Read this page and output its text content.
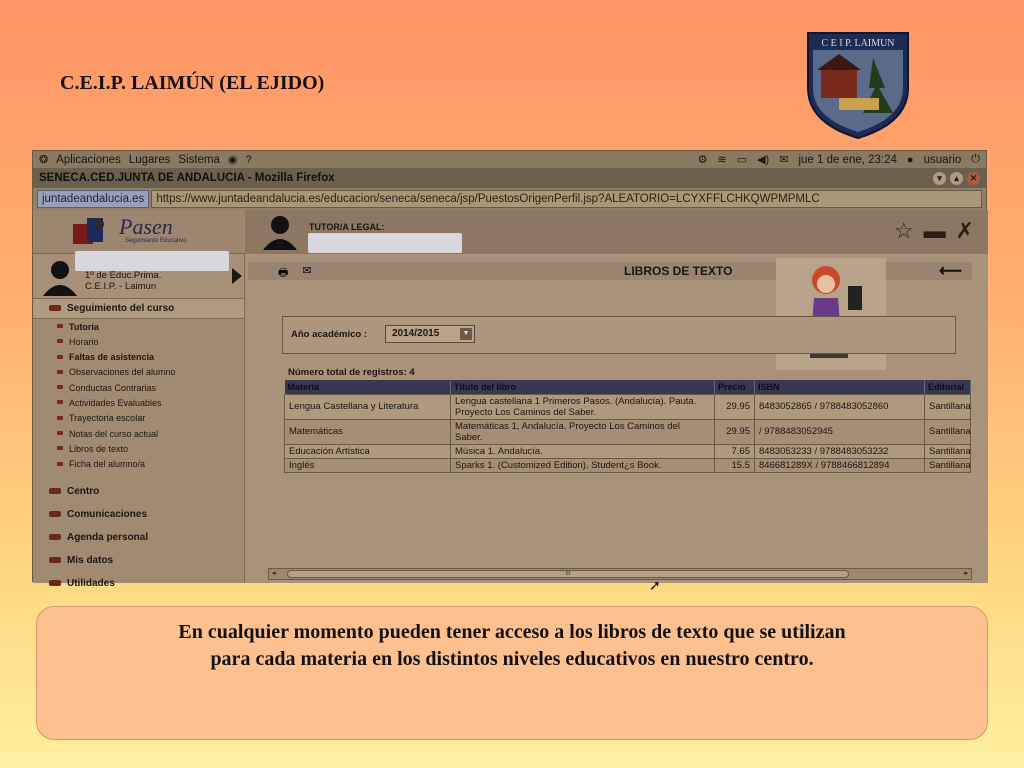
C.E.I.P. LAIMÚN (EL EJIDO)
C E I P. LAIMUN
❂ Aplicaciones Lugares Sistema ◉ ?	⚙ ≋ ▭ ◀) ✉ jue 1 de ene, 23:24 ● usuario ⏻
SENECA.CED.JUNTA DE ANDALUCIA - Mozilla Firefox	▾	▴	✕
juntadeandalucia.es	https://www.juntadeandalucia.es/educacion/seneca/seneca/jsp/PuestosOrigenPerfil.jsp?ALEATORIO=LCYXFFLCHKQWPMPMLC
Pasen
Seguimiento Educativo
TUTOR/A LEGAL:	☆ ▬ ✗
1º de Educ.Prima.
C.E.I.P. - Laimun
Seguimiento del curso
Tutoría
Horario
Faltas de asistencia
Observaciones del alumno
Conductas Contrarias
Actividades Evaluables
Trayectoria escolar
Notas del curso actual
Libros de texto
Ficha del alumno/a
Centro
Comunicaciones
Agenda personal
Mis datos
Utilidades
🖶 ✉	LIBROS DE TEXTO	⟵
Año académico :	2014/2015	▼
Número total de registros: 4
Materia	Título del libro	Precio	ISBN	Editorial
Lengua Castellana y Literatura	Lengua castellana 1 Primeros Pasos. (Andalucía). Pauta. Proyecto Los Caminos del Saber.	29.95	8483052865 / 9788483052860	Santillana
Matemáticas	Matemáticas 1, Andalucía. Proyecto Los Caminos del Saber.	29.95	/ 9788483052945	Santillana
Educación Artística	Música 1. Andalucía.	7.65	8483053233 / 9788483053232	Santillana
Inglés	Sparks 1. (Customized Edition). Student¿s Book.	15.5	846681289X / 9788466812894	Santillana
◂	III	▸
➚

En cualquier momento pueden tener acceso a los libros de texto que se utilizan

para cada materia en los distintos niveles educativos en nuestro centro.
